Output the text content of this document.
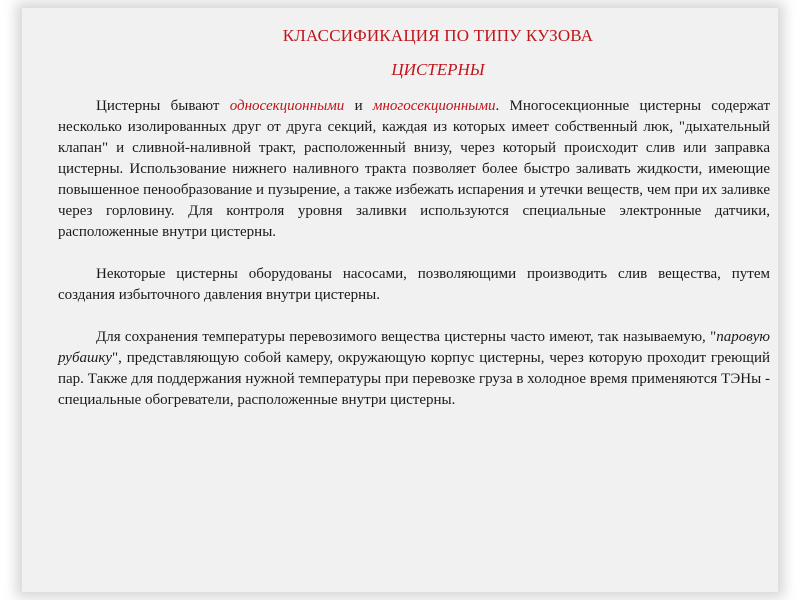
КЛАССИФИКАЦИЯ ПО ТИПУ КУЗОВА
ЦИСТЕРНЫ

Цистерны бывают односекционными и многосекционными. Многосекционные цистерны содержат несколько изолированных друг от друга секций, каждая из которых имеет собственный люк, "дыхательный клапан" и сливной-наливной тракт, расположенный внизу, через который происходит слив или заправка цистерны. Использование нижнего наливного тракта позволяет более быстро заливать жидкости, имеющие повышенное пенообразование и пузырение, а также избежать испарения и утечки веществ, чем при их заливке через горловину. Для контроля уровня заливки используются специальные электронные датчики, расположенные внутри цистерны.

Некоторые цистерны оборудованы насосами, позволяющими производить слив вещества, путем создания избыточного давления внутри цистерны.

Для сохранения температуры перевозимого вещества цистерны часто имеют, так называемую, "паровую рубашку", представляющую собой камеру, окружающую корпус цистерны, через которую проходит греющий пар. Также для поддержания нужной температуры при перевозке груза в холодное время применяются ТЭНы - специальные обогреватели, расположенные внутри цистерны.
